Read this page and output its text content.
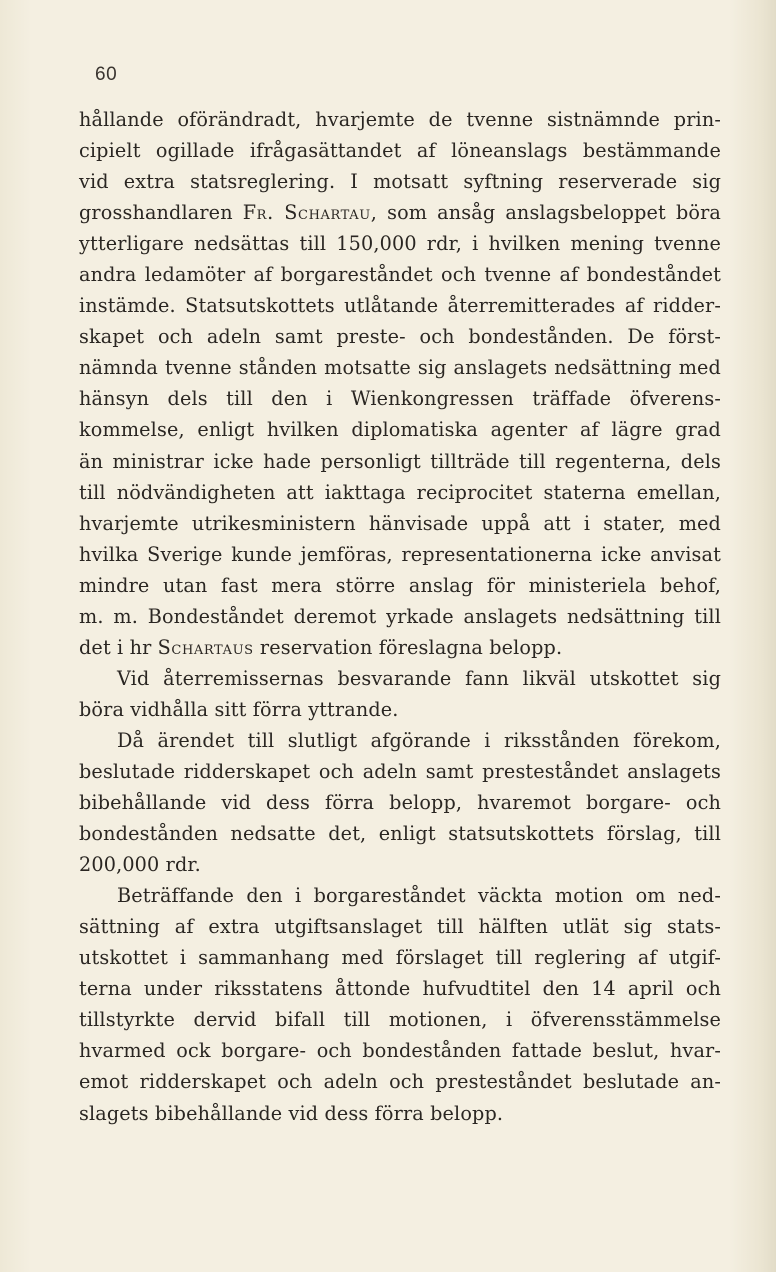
60
hållande oförändradt, hvarjemte de tvenne sistnämnde prin-
cipielt ogillade ifrågasättandet af löneanslags bestämmande
vid extra statsreglering. I motsatt syftning reserverade sig
grosshandlaren Fr. Schartau, som ansåg anslagsbeloppet böra
ytterligare nedsättas till 150,000 rdr, i hvilken mening tvenne
andra ledamöter af borgareståndet och tvenne af bondeståndet
instämde. Statsutskottets utlåtande återremitterades af ridder-
skapet och adeln samt preste- och bondestånden. De först-
nämnda tvenne stånden motsatte sig anslagets nedsättning med
hänsyn dels till den i Wienkongressen träffade öfverens-
kommelse, enligt hvilken diplomatiska agenter af lägre grad
än ministrar icke hade personligt tillträde till regenterna, dels
till nödvändigheten att iakttaga reciprocitet staterna emellan,
hvarjemte utrikesministern hänvisade uppå att i stater, med
hvilka Sverige kunde jemföras, representationerna icke anvisat
mindre utan fast mera större anslag för ministeriela behof,
m. m. Bondeståndet deremot yrkade anslagets nedsättning till
det i hr Schartaus reservation föreslagna belopp.
Vid återremissernas besvarande fann likväl utskottet sig
böra vidhålla sitt förra yttrande.
Då ärendet till slutligt afgörande i riksstånden förekom,
beslutade ridderskapet och adeln samt presteståndet anslagets
bibehållande vid dess förra belopp, hvaremot borgare- och
bondestånden nedsatte det, enligt statsutskottets förslag, till
200,000 rdr.
Beträffande den i borgareståndet väckta motion om ned-
sättning af extra utgiftsanslaget till hälften utlät sig stats-
utskottet i sammanhang med förslaget till reglering af utgif-
terna under riksstatens åttonde hufvudtitel den 14 april och
tillstyrkte dervid bifall till motionen, i öfverensstämmelse
hvarmed ock borgare- och bondestånden fattade beslut, hvar-
emot ridderskapet och adeln och presteståndet beslutade an-
slagets bibehållande vid dess förra belopp.
